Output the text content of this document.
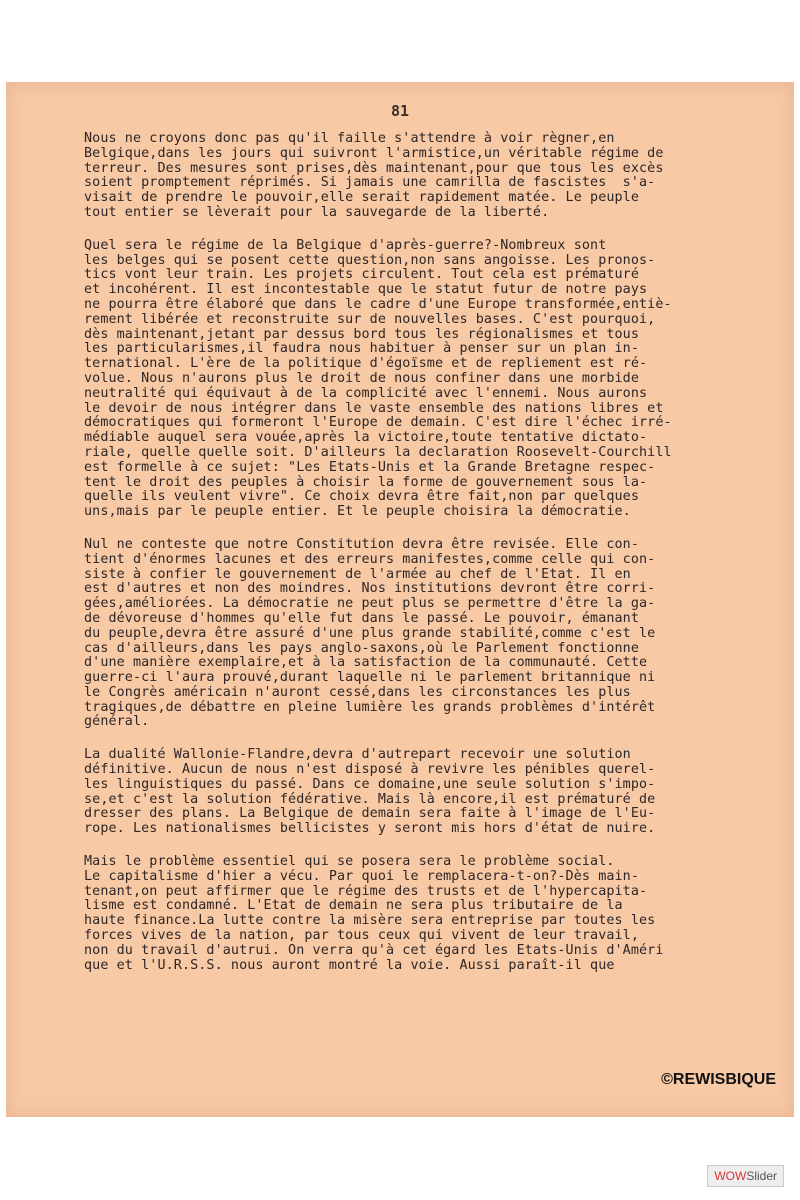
81

Nous ne croyons donc pas qu'il faille s'attendre à voir règner,en
Belgique,dans les jours qui suivront l'armistice,un véritable régime de
terreur. Des mesures sont prises,dès maintenant,pour que tous les excès
soient promptement réprimés. Si jamais une camrilla de fascistes  s'a-
visait de prendre le pouvoir,elle serait rapidement matée. Le peuple
tout entier se lèverait pour la sauvegarde de la liberté.

Quel sera le régime de la Belgique d'après-guerre?-Nombreux sont
les belges qui se posent cette question,non sans angoisse. Les pronos-
tics vont leur train. Les projets circulent. Tout cela est prématuré
et incohérent. Il est incontestable que le statut futur de notre pays
ne pourra être élaboré que dans le cadre d'une Europe transformée,entiè-
rement libérée et reconstruite sur de nouvelles bases. C'est pourquoi,
dès maintenant,jetant par dessus bord tous les régionalismes et tous
les particularismes,il faudra nous habituer à penser sur un plan in-
ternational. L'ère de la politique d'égoïsme et de repliement est ré-
volue. Nous n'aurons plus le droit de nous confiner dans une morbide
neutralité qui équivaut à de la complicité avec l'ennemi. Nous aurons
le devoir de nous intégrer dans le vaste ensemble des nations libres et
démocratiques qui formeront l'Europe de demain. C'est dire l'échec irré-
médiable auquel sera vouée,après la victoire,toute tentative dictato-
riale, quelle quelle soit. D'ailleurs la declaration Roosevelt-Courchill
est formelle à ce sujet: "Les Etats-Unis et la Grande Bretagne respec-
tent le droit des peuples à choisir la forme de gouvernement sous la-
quelle ils veulent vivre". Ce choix devra être fait,non par quelques
uns,mais par le peuple entier. Et le peuple choisira la démocratie.

Nul ne conteste que notre Constitution devra être revisée. Elle con-
tient d'énormes lacunes et des erreurs manifestes,comme celle qui con-
siste à confier le gouvernement de l'armée au chef de l'Etat. Il en
est d'autres et non des moindres. Nos institutions devront être corri-
gées,améliorées. La démocratie ne peut plus se permettre d'être la ga-
de dévoreuse d'hommes qu'elle fut dans le passé. Le pouvoir, émanant
du peuple,devra être assuré d'une plus grande stabilité,comme c'est le
cas d'ailleurs,dans les pays anglo-saxons,où le Parlement fonctionne
d'une manière exemplaire,et à la satisfaction de la communauté. Cette
guerre-ci l'aura prouvé,durant laquelle ni le parlement britannique ni
le Congrès américain n'auront cessé,dans les circonstances les plus
tragiques,de débattre en pleine lumière les grands problèmes d'intérêt
général.

La dualité Wallonie-Flandre,devra d'autrepart recevoir une solution
définitive. Aucun de nous n'est disposé à revivre les pénibles querel-
les linguistiques du passé. Dans ce domaine,une seule solution s'impo-
se,et c'est la solution fédérative. Mais là encore,il est prématuré de
dresser des plans. La Belgique de demain sera faite à l'image de l'Eu-
rope. Les nationalismes bellicistes y seront mis hors d'état de nuire.

Mais le problème essentiel qui se posera sera le problème social.
Le capitalisme d'hier a vécu. Par quoi le remplacera-t-on?-Dès main-
tenant,on peut affirmer que le régime des trusts et de l'hypercapita-
lisme est condamné. L'Etat de demain ne sera plus tributaire de la
haute finance.La lutte contre la misère sera entreprise par toutes les
forces vives de la nation, par tous ceux qui vivent de leur travail,
non du travail d'autrui. On verra qu'à cet égard les Etats-Unis d'Améri
que et l'U.R.S.S. nous auront montré la voie. Aussi paraît-il que

©REWISBIQUE
WOWSlider
